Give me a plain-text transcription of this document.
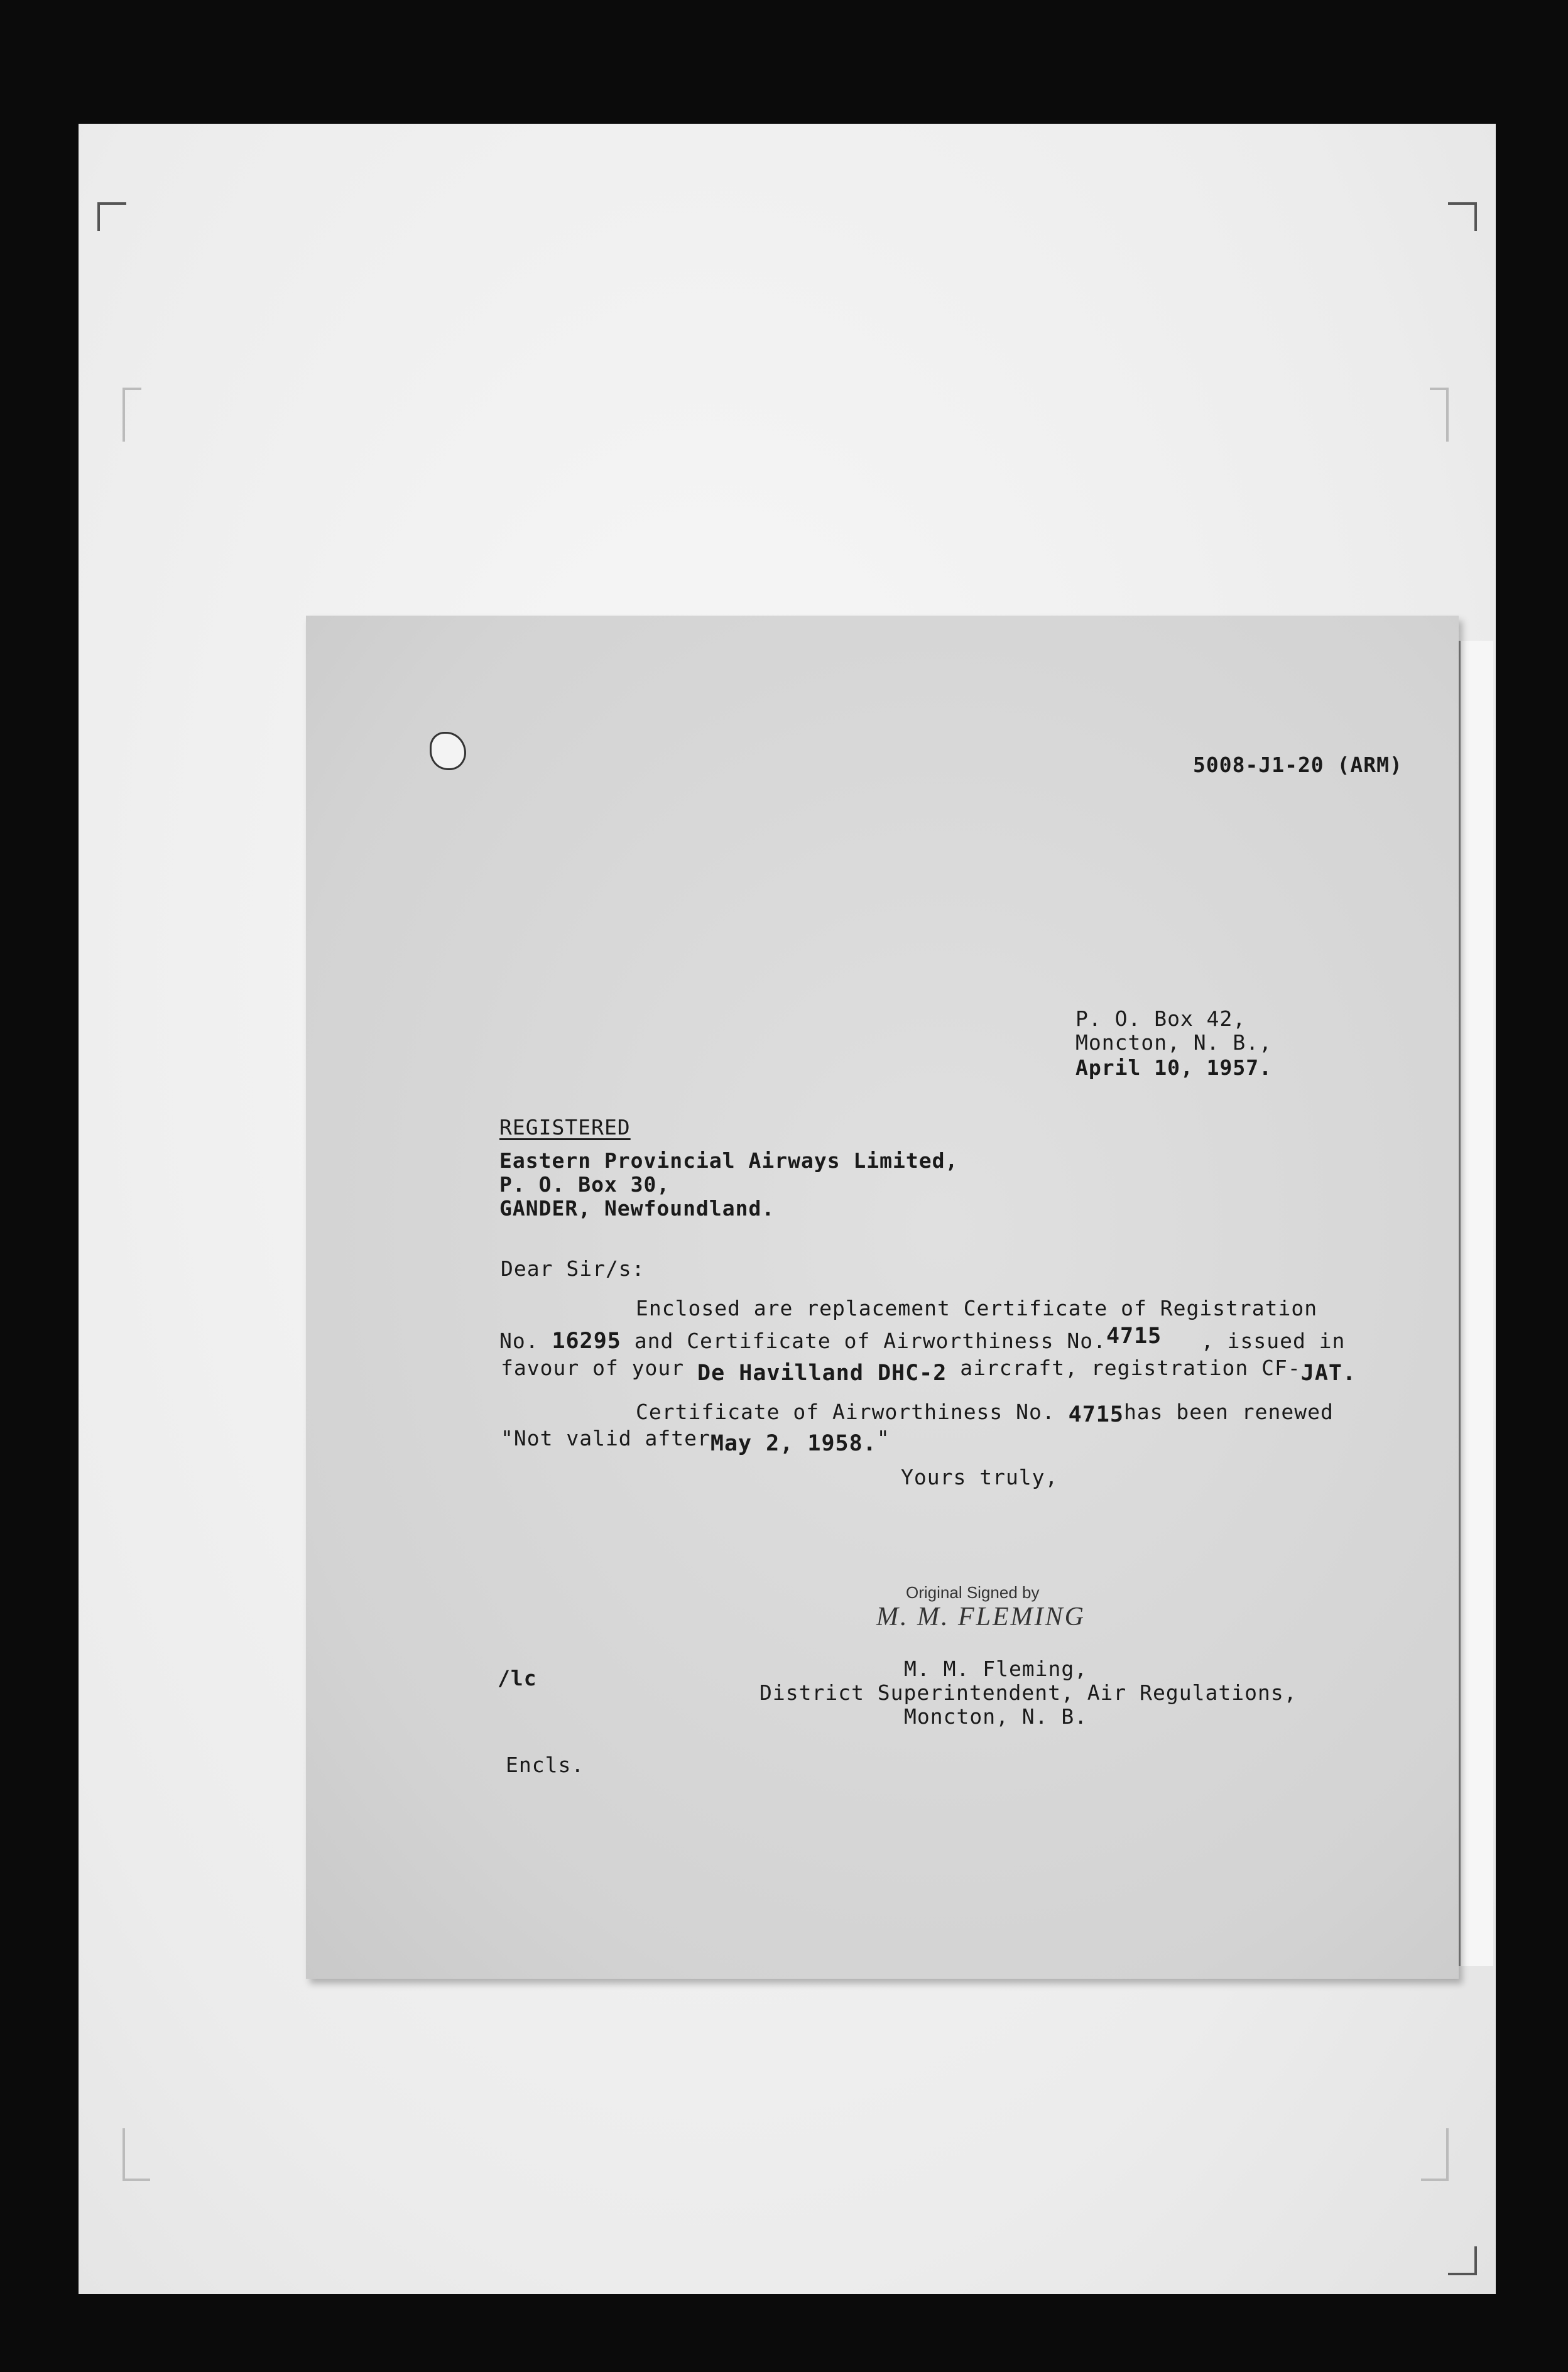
5008-J1-20 (ARM)
P. O. Box 42,
Moncton, N. B.,
April 10, 1957.
REGISTERED
Eastern Provincial Airways Limited,
P. O. Box 30,
GANDER, Newfoundland.
Dear Sir/s:
Enclosed are replacement Certificate of Registration
No. 16295 and Certificate of Airworthiness No.4715 , issued in
favour of your De Havilland DHC-2 aircraft, registration CF-JAT.
Certificate of Airworthiness No. 4715has been renewed
"Not valid afterMay 2, 1958."
Yours truly,
Original Signed by
M. M. FLEMING
M. M. Fleming,
District Superintendent, Air Regulations,
Moncton, N. B.
/lc
Encls.
